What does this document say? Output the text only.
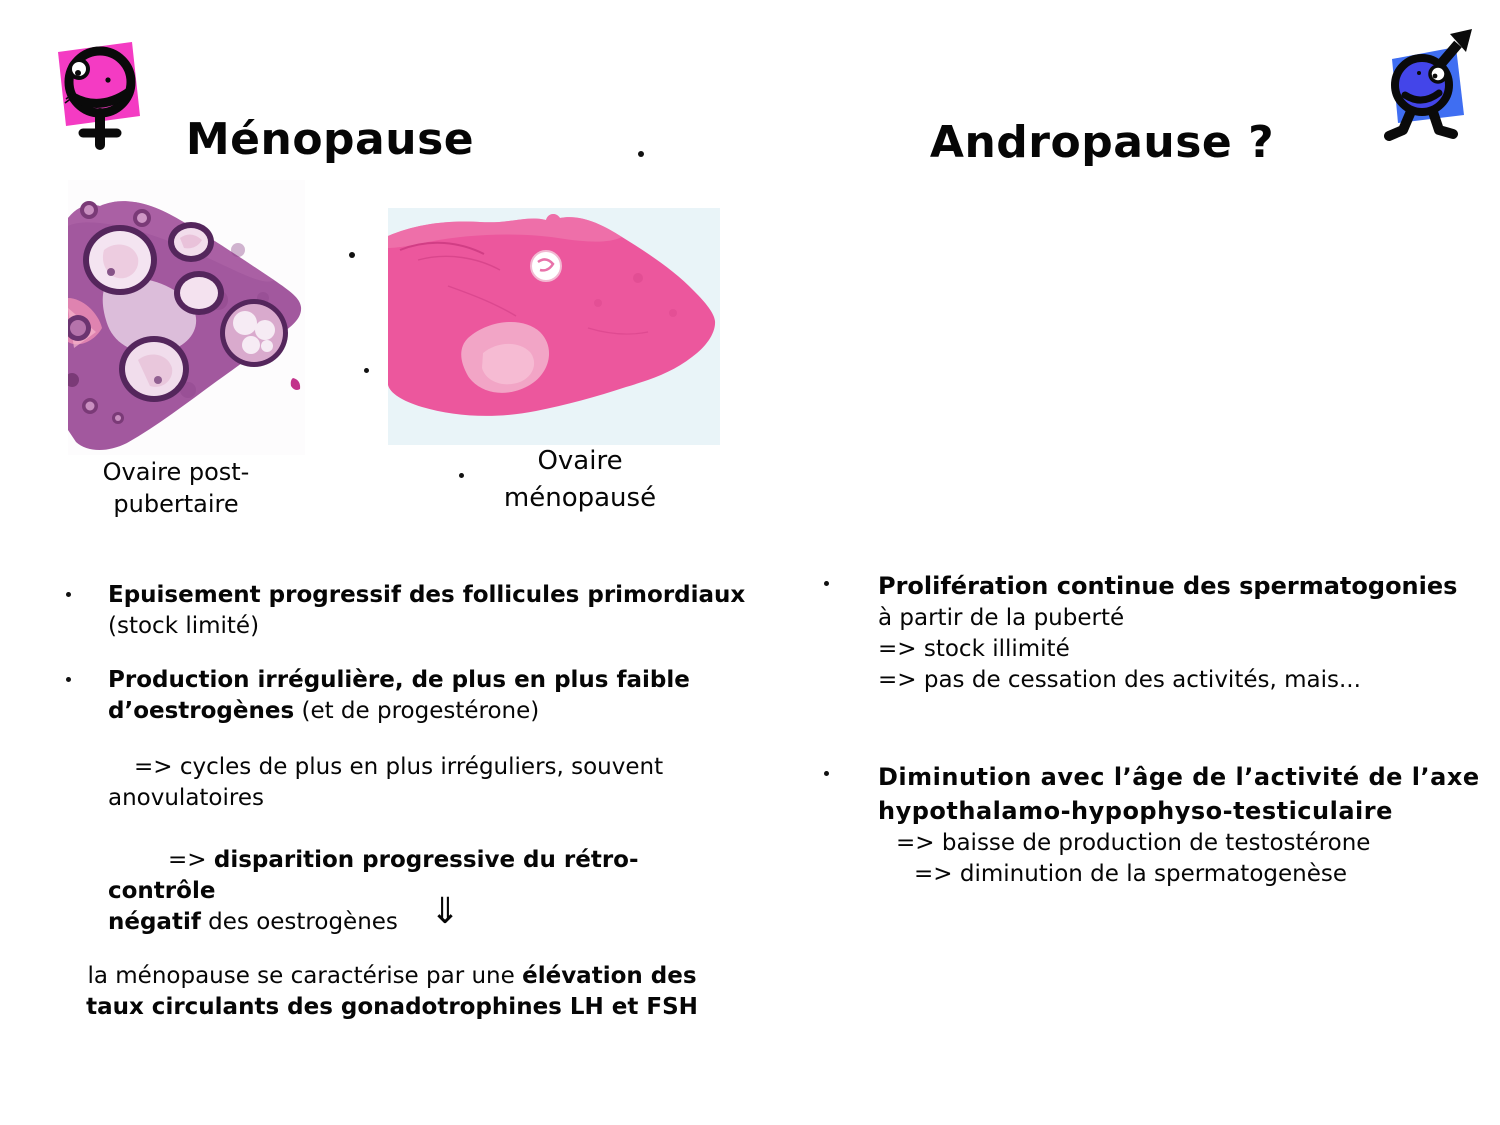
Ménopause	Andropause ?
Ovaire post-
pubertaire
Ovaire
ménopausé
Epuisement progressif des follicules primordiaux
(stock limité)
Production irrégulière, de plus en plus faible
d’oestrogènes (et de progestérone)
=> cycles de plus en plus irréguliers, souvent
anovulatoires
=> disparition progressive du rétro-contrôle
négatif des oestrogènes ⇓
la ménopause se caractérise par une élévation des
taux circulants des gonadotrophines LH et FSH
Prolifération continue des spermatogonies
à partir de la puberté
=> stock illimité
=> pas de cessation des activités, mais...
Diminution avec l’âge de l’activité de l’axe
hypothalamo-hypophyso-testiculaire
=> baisse de production de testostérone
=> diminution de la spermatogenèse
